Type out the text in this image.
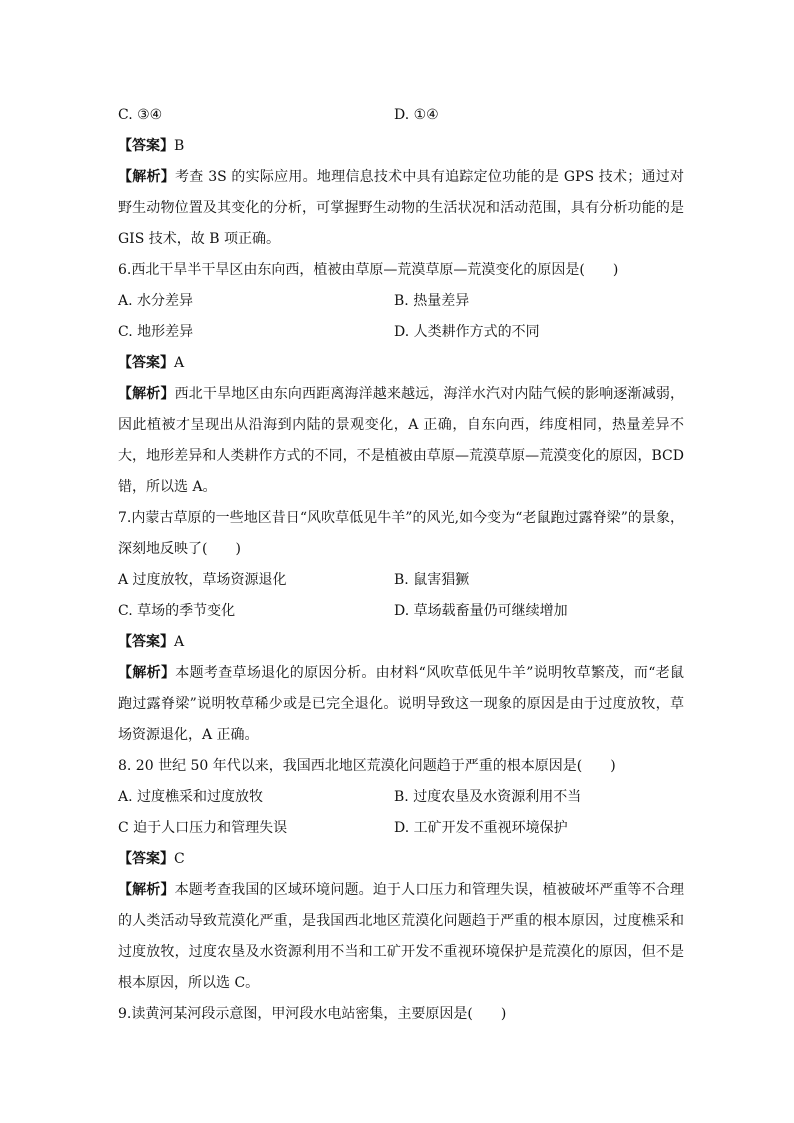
C. ③④	D. ①④
【答案】B
【解析】考查 3S 的实际应用。地理信息技术中具有追踪定位功能的是 GPS 技术；通过对野生动物位置及其变化的分析，可掌握野生动物的生活状况和活动范围，具有分析功能的是 GIS 技术，故 B 项正确。
6.西北干旱半干旱区由东向西，植被由草原—荒漠草原—荒漠变化的原因是(　　)
A. 水分差异	B. 热量差异
C. 地形差异	D. 人类耕作方式的不同
【答案】A
【解析】西北干旱地区由东向西距离海洋越来越远，海洋水汽对内陆气候的影响逐渐减弱，因此植被才呈现出从沿海到内陆的景观变化，A 正确，自东向西，纬度相同，热量差异不大，地形差异和人类耕作方式的不同，不是植被由草原—荒漠草原—荒漠变化的原因，BCD 错，所以选 A。
7.内蒙古草原的一些地区昔日“风吹草低见牛羊”的风光,如今变为“老鼠跑过露脊梁”的景象，深刻地反映了(　　)
A 过度放牧，草场资源退化	B. 鼠害猖獗
C. 草场的季节变化	D. 草场载畜量仍可继续增加
【答案】A
【解析】本题考查草场退化的原因分析。由材料“风吹草低见牛羊”说明牧草繁茂，而“老鼠跑过露脊梁”说明牧草稀少或是已完全退化。说明导致这一现象的原因是由于过度放牧，草场资源退化，A 正确。
8. 20 世纪 50 年代以来，我国西北地区荒漠化问题趋于严重的根本原因是(　　)
A. 过度樵采和过度放牧	B. 过度农垦及水资源利用不当
C 迫于人口压力和管理失误	D. 工矿开发不重视环境保护
【答案】C
【解析】本题考查我国的区域环境问题。迫于人口压力和管理失误，植被破坏严重等不合理的人类活动导致荒漠化严重，是我国西北地区荒漠化问题趋于严重的根本原因，过度樵采和过度放牧，过度农垦及水资源利用不当和工矿开发不重视环境保护是荒漠化的原因，但不是根本原因，所以选 C。
9.读黄河某河段示意图，甲河段水电站密集，主要原因是(　　)
